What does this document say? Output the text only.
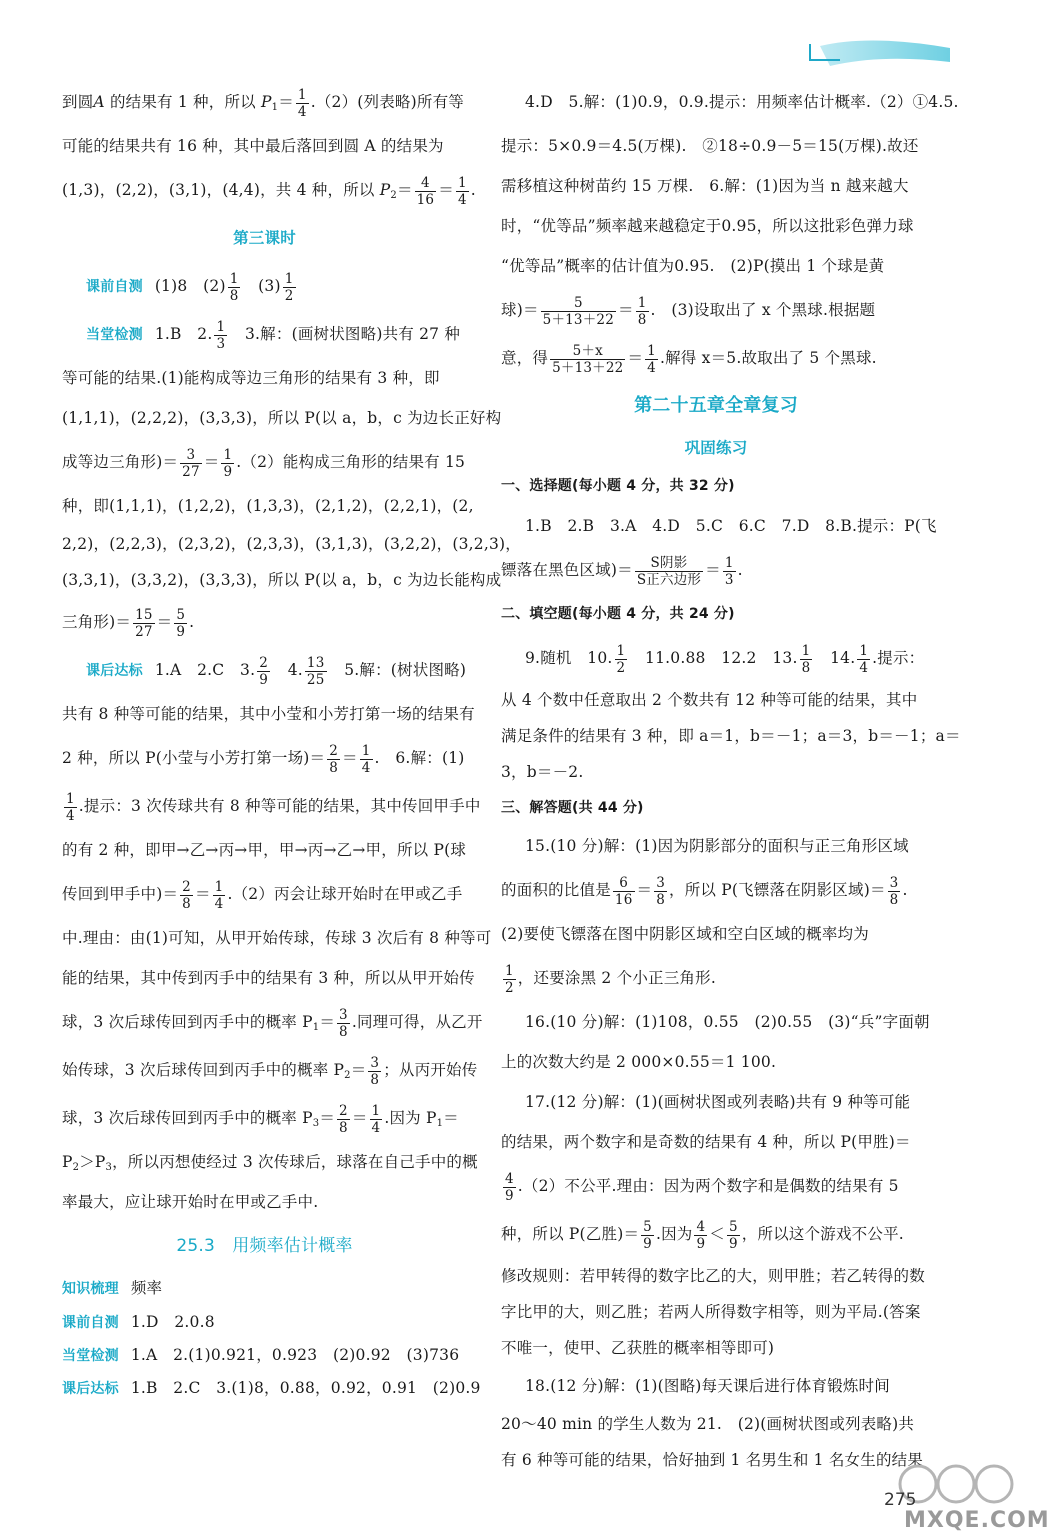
到圆A 的结果有 1 种，所以 $P_1= \frac{1}{4} .(2)$(列表略)所有等
可能的结果共有 16 种，其中最后落回到圆 A 的结果为
(1,3)，(2,2)，(3,1)，(4,4)，共 4 种，所以 $P_2= \frac{4}{16} = \frac{1}{4}$ .
第三课时
课前自测 (1)8　$(2) \frac{1}{8}$ 　$(3) \frac{1}{2}$
当堂检测 1.B　2. $\frac{1}{3}$ 　3.解：(画树状图略)共有 27 种
等可能的结果.(1)能构成等边三角形的结果有 3 种，即
(1,1,1)，(2,2,2)，(3,3,3)，所以 P(以 a，b，c 为边长正好构
成等边三角形)＝ $\frac{3}{27} = \frac{1}{9} .(2)$能构成三角形的结果有 15
种，即(1,1,1)，(1,2,2)，(1,3,3)，(2,1,2)，(2,2,1)，(2,
2,2)，(2,2,3)，(2,3,2)，(2,3,3)，(3,1,3)，(3,2,2)，(3,2,3)，
(3,3,1)，(3,3,2)，(3,3,3)，所以 P(以 a，b，c 为边长能构成
三角形)＝ $\frac{15}{27} = \frac{5}{9}$ .
课后达标 1.A　2.C　3. $\frac{2}{9}$ 　4. $\frac{13}{25}$ 　5.解：(树状图略)
共有 8 种等可能的结果，其中小莹和小芳打第一场的结果有
2 种，所以 P(小莹与小芳打第一场)＝ $\frac{2}{8} = \frac{1}{4}$ .　6.解：(1)
$\frac{1}{4}$ .提示：3 次传球共有 8 种等可能的结果，其中传回甲手中
的有 2 种，即甲→乙→丙→甲，甲→丙→乙→甲，所以 P(球
传回到甲手中)＝ $\frac{2}{8} = \frac{1}{4} .(2)$丙会让球开始时在甲或乙手
中.理由：由(1)可知，从甲开始传球，传球 3 次后有 8 种等可
能的结果，其中传到丙手中的结果有 3 种，所以从甲开始传
球，3 次后球传回到丙手中的概率 $P_1= \frac{3}{8}$ .同理可得，从乙开
始传球，3 次后球传回到丙手中的概率 $P_2= \frac{3}{8}$ ；从丙开始传
球，3 次后球传回到丙手中的概率 $P_3= \frac{2}{8} = \frac{1}{4}$ .因为 $P_1=$
$P_2>P_3$，所以丙想使经过 3 次传球后，球落在自己手中的概
率最大，应让球开始时在甲或乙手中.
25.3　用频率估计概率
知识梳理 频率
课前自测 1.D　2.0.8
当堂检测 1.A　2.(1)0.921，0.923　(2)0.92　(3)736
课后达标 1.B　2.C　3.(1)8，0.88，0.92，0.91　(2)0.9
4.D　5.解：(1)0.9，0.9.提示：用频率估计概率.（2）①4.5.
提示：5×0.9＝4.5(万棵).　②18÷0.9－5＝15(万棵).故还
需移植这种树苗约 15 万棵.　6.解：(1)因为当 n 越来越大
时，“优等品”频率越来越稳定于0.95，所以这批彩色弹力球
“优等品”概率的估计值为0.95.　(2)P(摸出 1 个球是黄
球)＝ $\frac{5}{5+13+22} = \frac{1}{8}$ .　(3)设取出了 x 个黑球.根据题
意，得 $\frac{5+x}{5+13+22} = \frac{1}{4}$ .解得 x＝5.故取出了 5 个黑球.
第二十五章全章复习
巩固练习
一、选择题(每小题 4 分，共 32 分)
1.B　2.B　3.A　4.D　5.C　6.C　7.D　8.B.提示：P(飞
镖落在黑色区域)＝ $\frac{\text{S阴影}}{\text{S正六边形}} = \frac{1}{3}$ .
二、填空题(每小题 4 分，共 24 分)
9.随机　10. $\frac{1}{2}$ 　11.0.88　12.2　13. $\frac{1}{8}$ 　14. $\frac{1}{4}$ .提示：
从 4 个数中任意取出 2 个数共有 12 种等可能的结果，其中
满足条件的结果有 3 种，即 a＝1，b＝－1；a＝3，b＝－1；a＝
3，b＝－2.
三、解答题(共 44 分)
15.(10 分)解：(1)因为阴影部分的面积与正三角形区域
的面积的比值是 $\frac{6}{16} = \frac{3}{8}$ ，所以 P(飞镖落在阴影区域)＝ $\frac{3}{8}$ .
(2)要使飞镖落在图中阴影区域和空白区域的概率均为
$\frac{1}{2}$ ，还要涂黑 2 个小正三角形.
16.(10 分)解：(1)108，0.55　(2)0.55　(3)“兵”字面朝
上的次数大约是 2 000×0.55＝1 100.
17.(12 分)解：(1)(画树状图或列表略)共有 9 种等可能
的结果，两个数字和是奇数的结果有 4 种，所以 P(甲胜)＝
$\frac{4}{9} .(2)$不公平.理由：因为两个数字和是偶数的结果有 5
种，所以 P(乙胜)＝ $\frac{5}{9}$ .因为 $\frac{4}{9} < \frac{5}{9}$ ，所以这个游戏不公平.
修改规则：若甲转得的数字比乙的大，则甲胜；若乙转得的数
字比甲的大，则乙胜；若两人所得数字相等，则为平局.(答案
不唯一，使甲、乙获胜的概率相等即可)
18.(12 分)解：(1)(图略)每天课后进行体育锻炼时间
20～40 min 的学生人数为 21.　(2)(画树状图或列表略)共
有 6 种等可能的结果，恰好抽到 1 名男生和 1 名女生的结果
275
MXQE.COM
